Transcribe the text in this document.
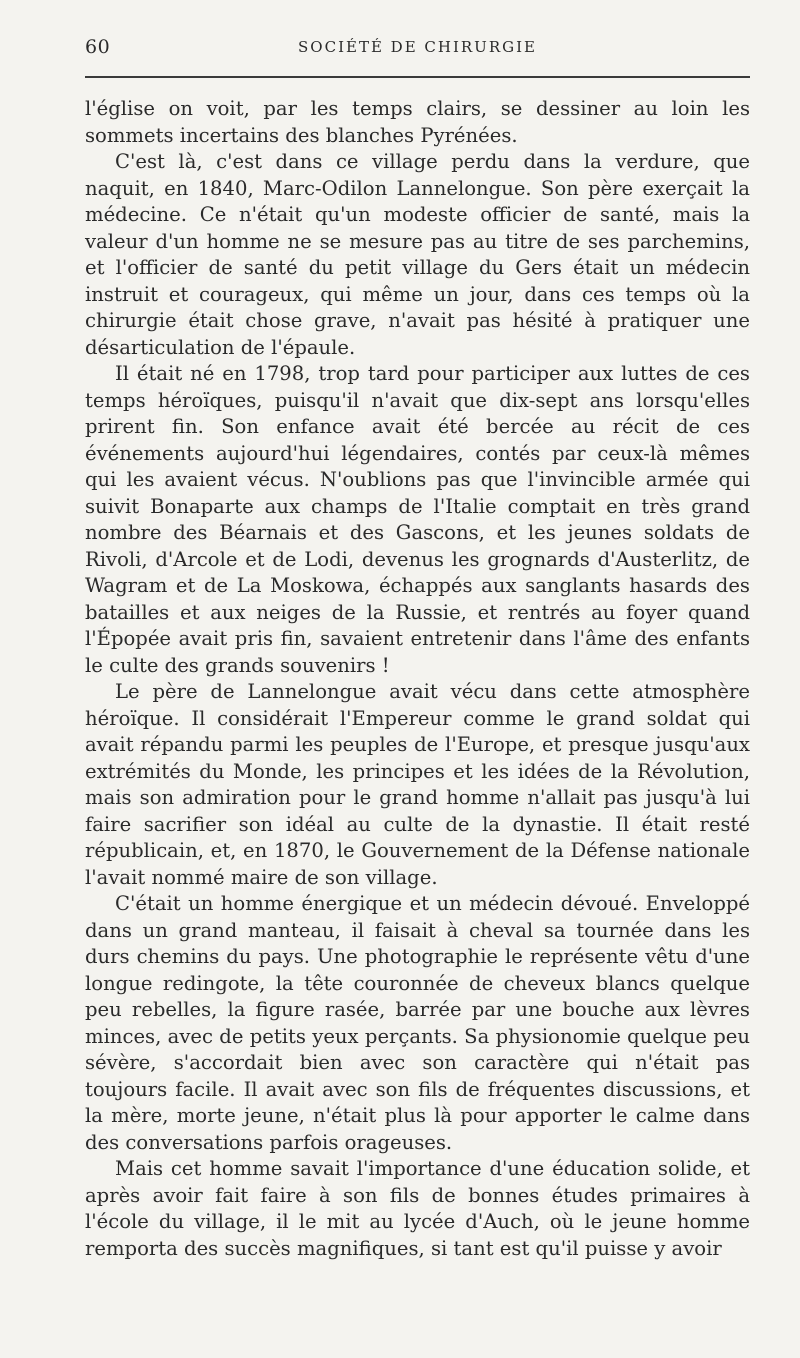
60	SOCIÉTÉ DE CHIRURGIE

l'église on voit, par les temps clairs, se dessiner au loin les sommets incertains des blanches Pyrénées.

C'est là, c'est dans ce village perdu dans la verdure, que naquit, en 1840, Marc-Odilon Lannelongue. Son père exerçait la médecine. Ce n'était qu'un modeste officier de santé, mais la valeur d'un homme ne se mesure pas au titre de ses parchemins, et l'officier de santé du petit village du Gers était un médecin instruit et courageux, qui même un jour, dans ces temps où la chirurgie était chose grave, n'avait pas hésité à pratiquer une désarticulation de l'épaule.

Il était né en 1798, trop tard pour participer aux luttes de ces temps héroïques, puisqu'il n'avait que dix-sept ans lorsqu'elles prirent fin. Son enfance avait été bercée au récit de ces événements aujourd'hui légendaires, contés par ceux-là mêmes qui les avaient vécus. N'oublions pas que l'invincible armée qui suivit Bonaparte aux champs de l'Italie comptait en très grand nombre des Béarnais et des Gascons, et les jeunes soldats de Rivoli, d'Arcole et de Lodi, devenus les grognards d'Austerlitz, de Wagram et de La Moskowa, échappés aux sanglants hasards des batailles et aux neiges de la Russie, et rentrés au foyer quand l'Épopée avait pris fin, savaient entretenir dans l'âme des enfants le culte des grands souvenirs !

Le père de Lannelongue avait vécu dans cette atmosphère héroïque. Il considérait l'Empereur comme le grand soldat qui avait répandu parmi les peuples de l'Europe, et presque jusqu'aux extrémités du Monde, les principes et les idées de la Révolution, mais son admiration pour le grand homme n'allait pas jusqu'à lui faire sacrifier son idéal au culte de la dynastie. Il était resté républicain, et, en 1870, le Gouvernement de la Défense nationale l'avait nommé maire de son village.

C'était un homme énergique et un médecin dévoué. Enveloppé dans un grand manteau, il faisait à cheval sa tournée dans les durs chemins du pays. Une photographie le représente vêtu d'une longue redingote, la tête couronnée de cheveux blancs quelque peu rebelles, la figure rasée, barrée par une bouche aux lèvres minces, avec de petits yeux perçants. Sa physionomie quelque peu sévère, s'accordait bien avec son caractère qui n'était pas toujours facile. Il avait avec son fils de fréquentes discussions, et la mère, morte jeune, n'était plus là pour apporter le calme dans des conversations parfois orageuses.

Mais cet homme savait l'importance d'une éducation solide, et après avoir fait faire à son fils de bonnes études primaires à l'école du village, il le mit au lycée d'Auch, où le jeune homme remporta des succès magnifiques, si tant est qu'il puisse y avoir
